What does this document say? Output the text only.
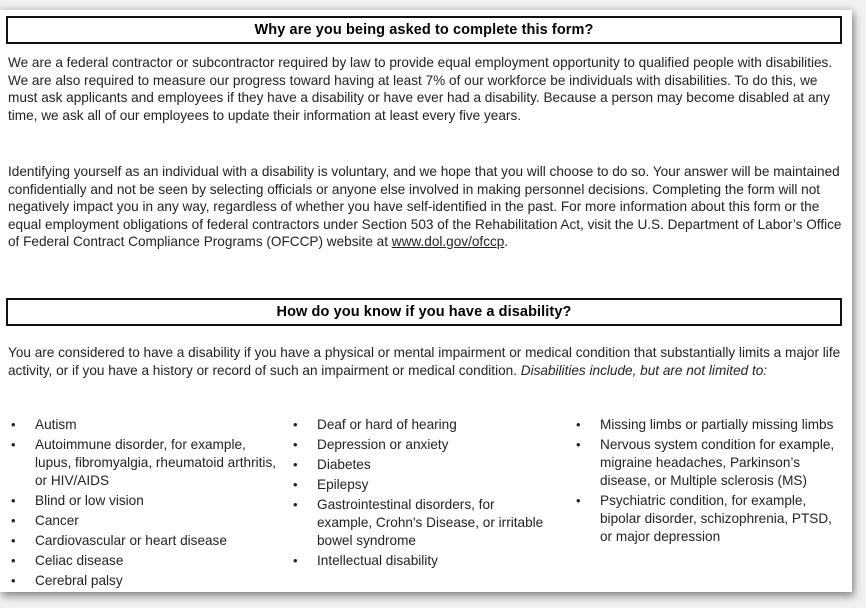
Why are you being asked to complete this form?

We are a federal contractor or subcontractor required by law to provide equal employment opportunity to qualified people with disabilities. We are also required to measure our progress toward having at least 7% of our workforce be individuals with disabilities. To do this, we must ask applicants and employees if they have a disability or have ever had a disability. Because a person may become disabled at any time, we ask all of our employees to update their information at least every five years.

Identifying yourself as an individual with a disability is voluntary, and we hope that you will choose to do so. Your answer will be maintained confidentially and not be seen by selecting officials or anyone else involved in making personnel decisions. Completing the form will not negatively impact you in any way, regardless of whether you have self-identified in the past. For more information about this form or the equal employment obligations of federal contractors under Section 503 of the Rehabilitation Act, visit the U.S. Department of Labor’s Office of Federal Contract Compliance Programs (OFCCP) website at www.dol.gov/ofccp.

How do you know if you have a disability?

You are considered to have a disability if you have a physical or mental impairment or medical condition that substantially limits a major life activity, or if you have a history or record of such an impairment or medical condition. Disabilities include, but are not limited to:

• Autism
• Autoimmune disorder, for example, lupus, fibromyalgia, rheumatoid arthritis, or HIV/AIDS
• Blind or low vision
• Cancer
• Cardiovascular or heart disease
• Celiac disease
• Cerebral palsy
• Deaf or hard of hearing
• Depression or anxiety
• Diabetes
• Epilepsy
• Gastrointestinal disorders, for example, Crohn's Disease, or irritable bowel syndrome
• Intellectual disability
• Missing limbs or partially missing limbs
• Nervous system condition for example, migraine headaches, Parkinson’s disease, or Multiple sclerosis (MS)
• Psychiatric condition, for example, bipolar disorder, schizophrenia, PTSD, or major depression
